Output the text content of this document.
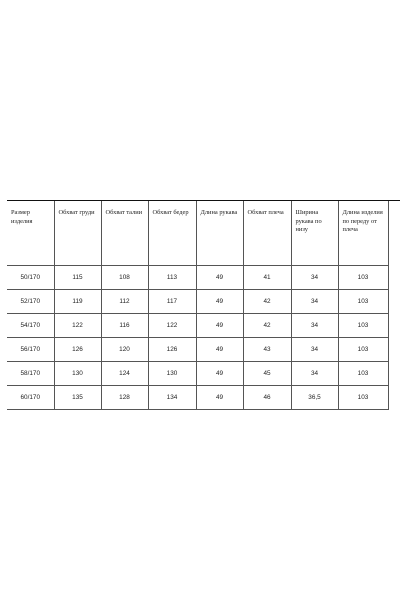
Размер изделия	Обхват груди	Обхват талии	Обхват бедер	Длина рукава	Обхват плеча	Ширина рукава по низу	Длина изделия по переду от плеча
50/170	115	108	113	49	41	34	103
52/170	119	112	117	49	42	34	103
54/170	122	116	122	49	42	34	103
56/170	126	120	126	49	43	34	103
58/170	130	124	130	49	45	34	103
60/170	135	128	134	49	46	36,5	103
